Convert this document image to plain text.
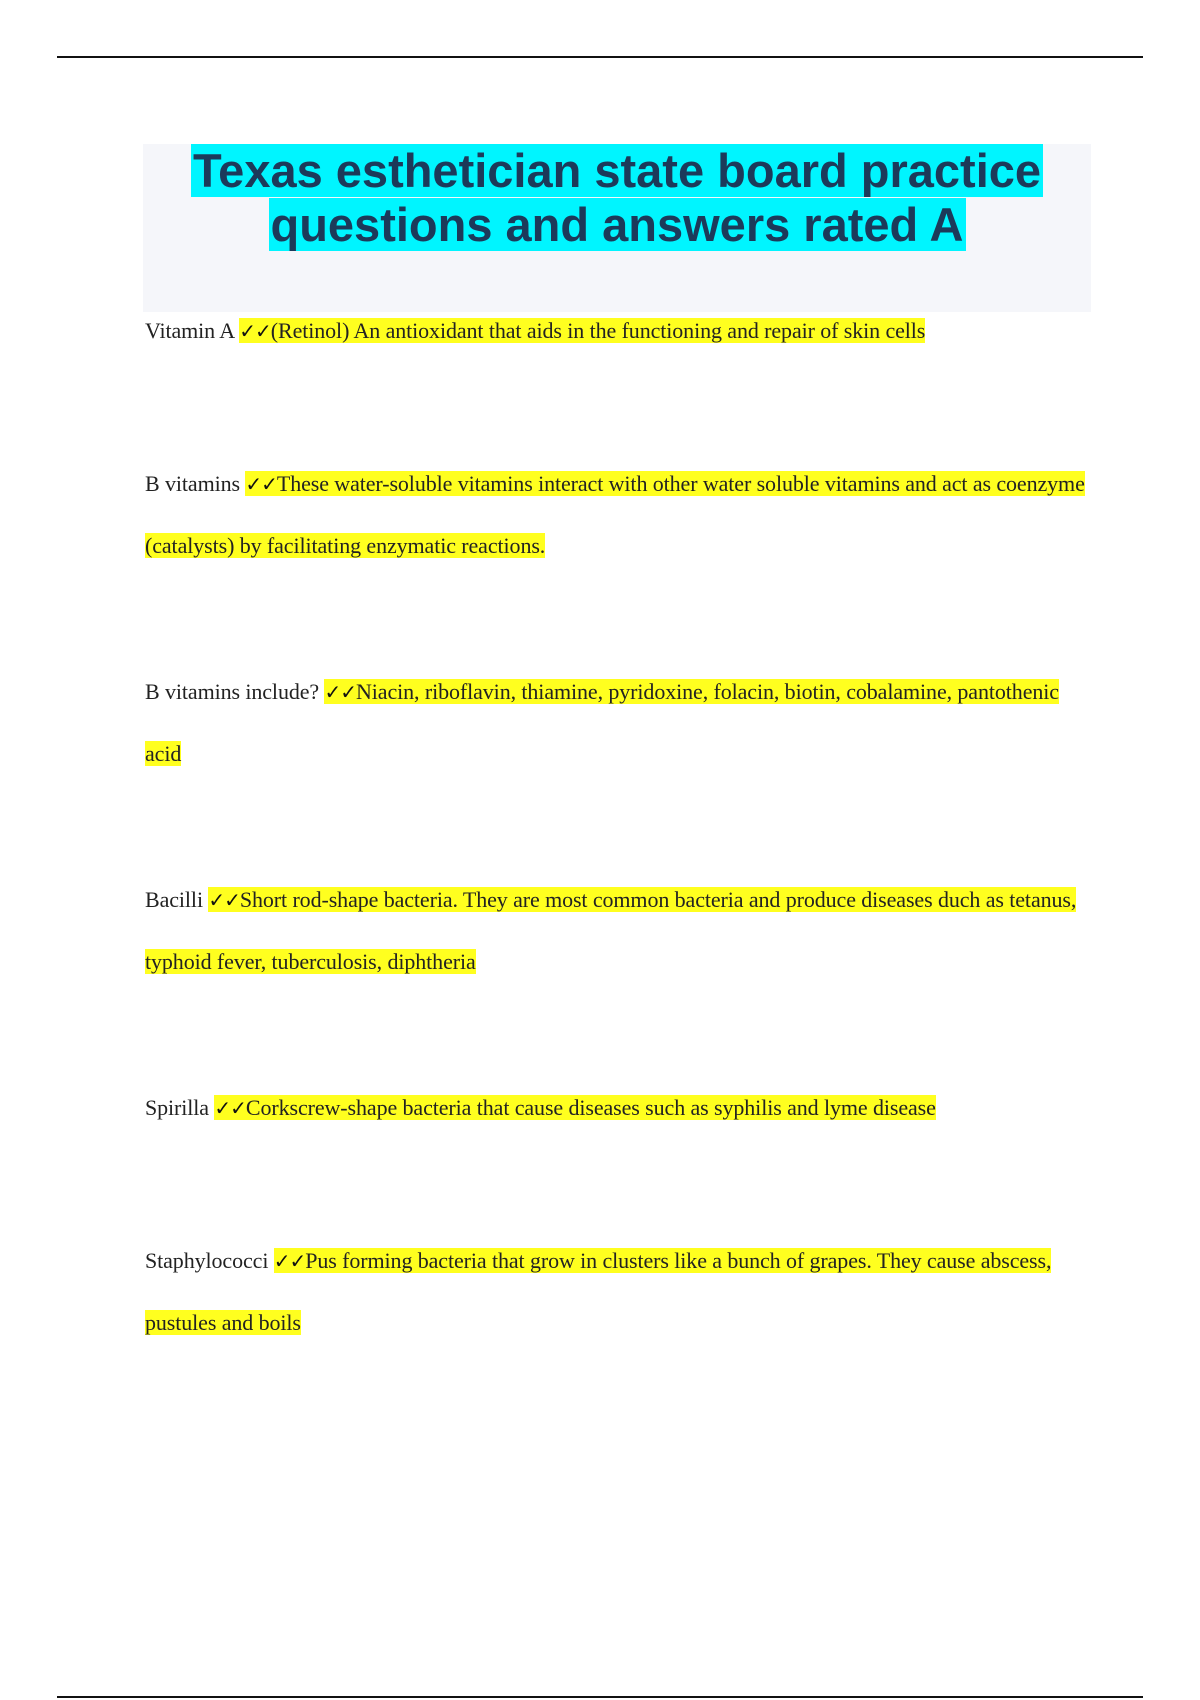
Texas esthetician state board practice questions and answers rated A

Vitamin A ✓✓(Retinol) An antioxidant that aids in the functioning and repair of skin cells

B vitamins ✓✓These water-soluble vitamins interact with other water soluble vitamins and act as coenzyme (catalysts) by facilitating enzymatic reactions.

B vitamins include? ✓✓Niacin, riboflavin, thiamine, pyridoxine, folacin, biotin, cobalamine, pantothenic acid

Bacilli ✓✓Short rod-shape bacteria. They are most common bacteria and produce diseases duch as tetanus, typhoid fever, tuberculosis, diphtheria

Spirilla ✓✓Corkscrew-shape bacteria that cause diseases such as syphilis and lyme disease

Staphylococci ✓✓Pus forming bacteria that grow in clusters like a bunch of grapes. They cause abscess, pustules and boils
